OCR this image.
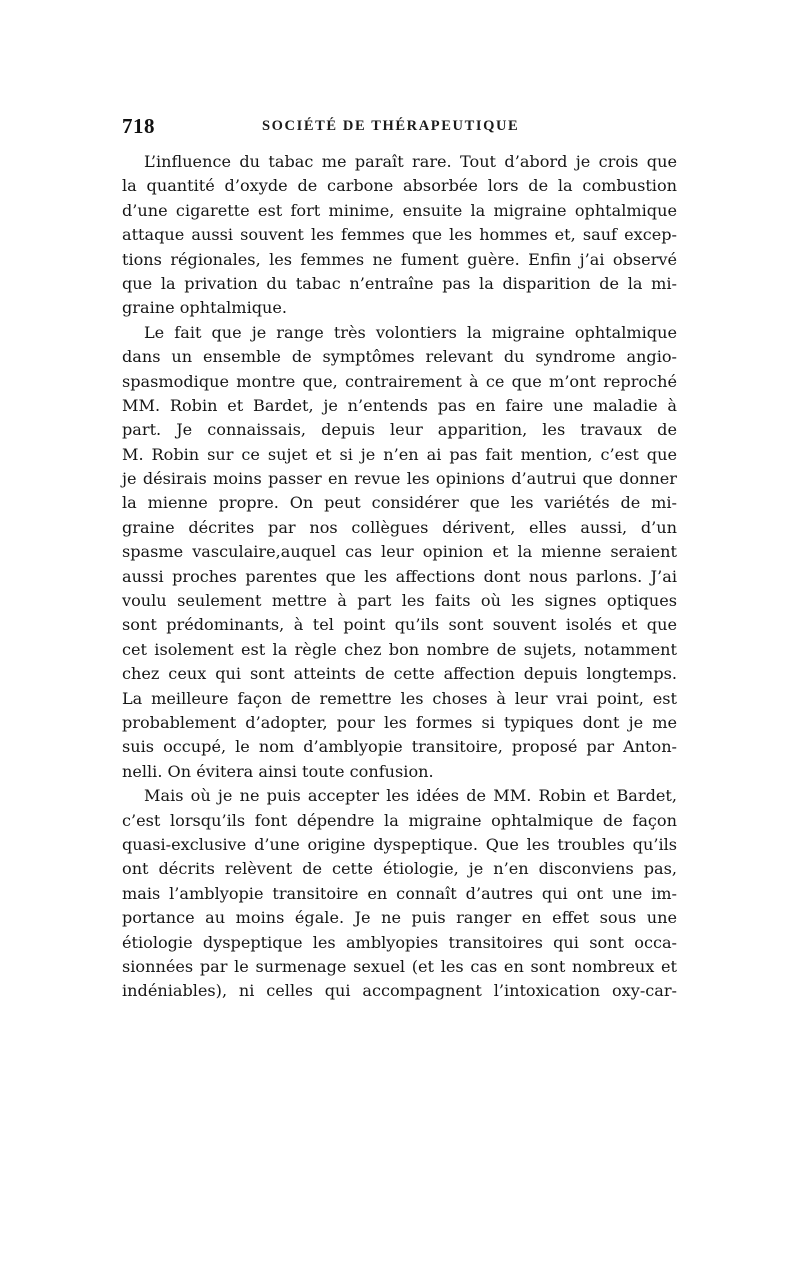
718	SOCIÉTÉ DE THÉRAPEUTIQUE
L’influence du tabac me paraît rare. Tout d’abord je crois que
la quantité d’oxyde de carbone absorbée lors de la combustion
d’une cigarette est fort minime, ensuite la migraine ophtalmique
attaque aussi souvent les femmes que les hommes et, sauf excep-
tions régionales, les femmes ne fument guère. Enfin j’ai observé
que la privation du tabac n’entraîne pas la disparition de la mi-
graine ophtalmique.
Le fait que je range très volontiers la migraine ophtalmique
dans un ensemble de symptômes relevant du syndrome angio-
spasmodique montre que, contrairement à ce que m’ont reproché
MM. Robin et Bardet, je n’entends pas en faire une maladie à
part. Je connaissais, depuis leur apparition, les travaux de
M. Robin sur ce sujet et si je n’en ai pas fait mention, c’est que
je désirais moins passer en revue les opinions d’autrui que donner
la mienne propre. On peut considérer que les variétés de mi-
graine décrites par nos collègues dérivent, elles aussi, d’un
spasme vasculaire,auquel cas leur opinion et la mienne seraient
aussi proches parentes que les affections dont nous parlons. J’ai
voulu seulement mettre à part les faits où les signes optiques
sont prédominants, à tel point qu’ils sont souvent isolés et que
cet isolement est la règle chez bon nombre de sujets, notamment
chez ceux qui sont atteints de cette affection depuis longtemps.
La meilleure façon de remettre les choses à leur vrai point, est
probablement d’adopter, pour les formes si typiques dont je me
suis occupé, le nom d’amblyopie transitoire, proposé par Anton-
nelli. On évitera ainsi toute confusion.
Mais où je ne puis accepter les idées de MM. Robin et Bardet,
c’est lorsqu’ils font dépendre la migraine ophtalmique de façon
quasi-exclusive d’une origine dyspeptique. Que les troubles qu’ils
ont décrits relèvent de cette étiologie, je n’en disconviens pas,
mais l’amblyopie transitoire en connaît d’autres qui ont une im-
portance au moins égale. Je ne puis ranger en effet sous une
étiologie dyspeptique les amblyopies transitoires qui sont occa-
sionnées par le surmenage sexuel (et les cas en sont nombreux et
indéniables), ni celles qui accompagnent l’intoxication oxy-car-
